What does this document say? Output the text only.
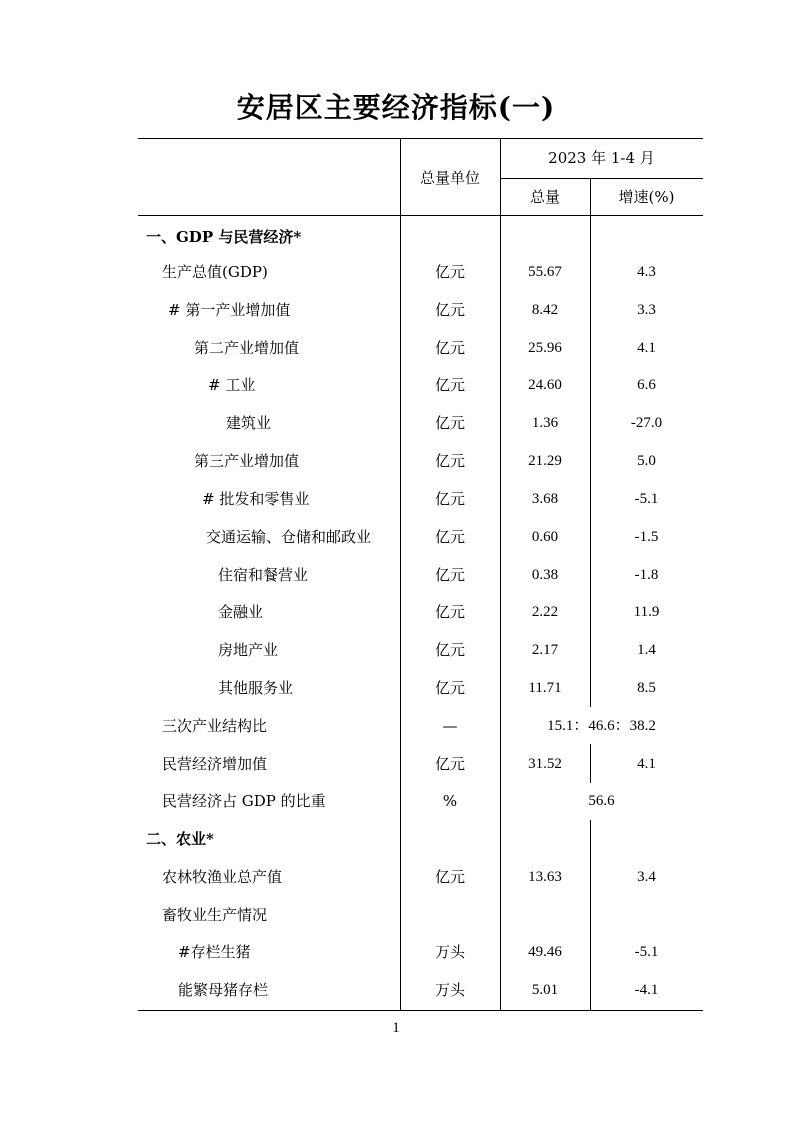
安居区主要经济指标(一)
总量单位
2023 年 1-4 月
总量	增速(%)
一、GDP 与民营经济*
生产总值(GDP)	亿元	55.67	4.3
# 第一产业增加值	亿元	8.42	3.3
第二产业增加值	亿元	25.96	4.1
# 工业	亿元	24.60	6.6
建筑业	亿元	1.36	-27.0
第三产业增加值	亿元	21.29	5.0
# 批发和零售业	亿元	3.68	-5.1
交通运输、仓储和邮政业	亿元	0.60	-1.5
住宿和餐营业	亿元	0.38	-1.8
金融业	亿元	2.22	11.9
房地产业	亿元	2.17	1.4
其他服务业	亿元	11.71	8.5
三次产业结构比	—	15.1：46.6：38.2
民营经济增加值	亿元	31.52	4.1
民营经济占 GDP 的比重	%	56.6
二、农业*
农林牧渔业总产值	亿元	13.63	3.4
畜牧业生产情况
#存栏生猪	万头	49.46	-5.1
能繁母猪存栏	万头	5.01	-4.1
1
